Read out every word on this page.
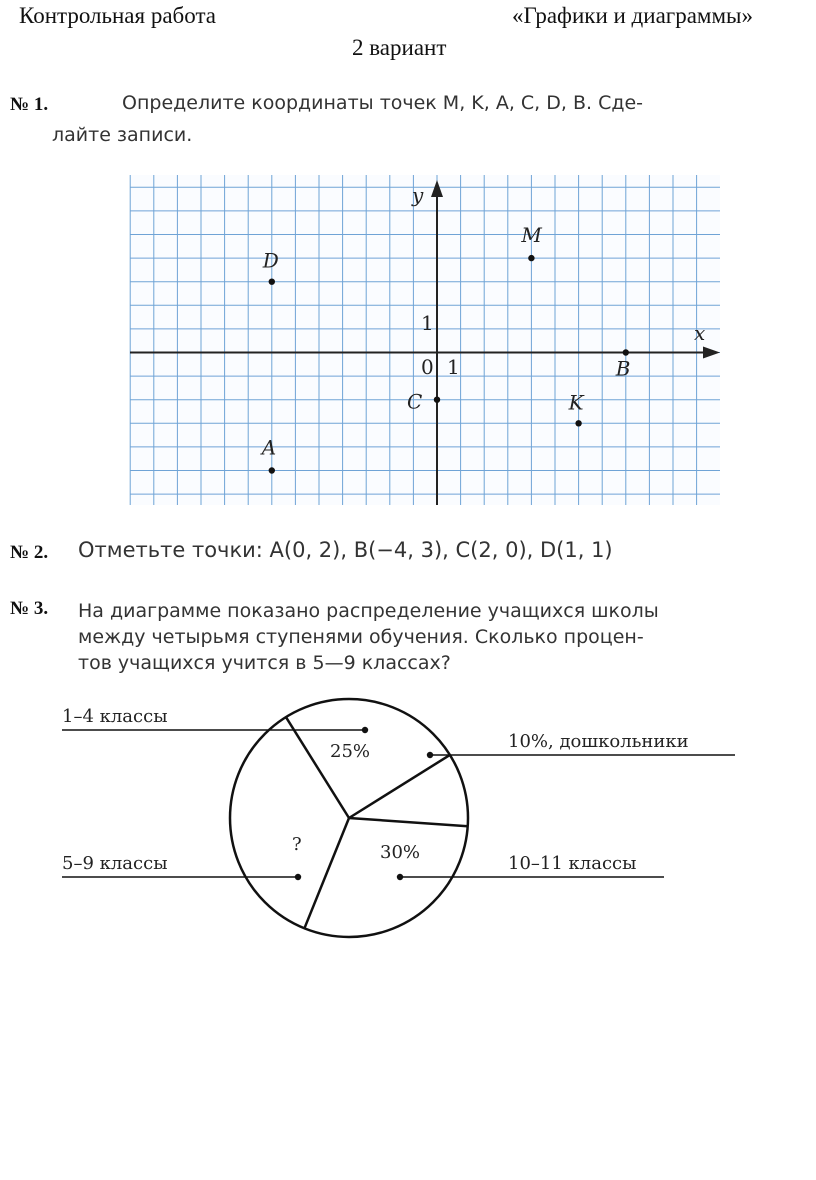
Контрольная работа	«Графики и диаграммы»
2 вариант
№ 1.	Определите координаты точек M, K, A, C, D, B. Сде-
лайте записи.
x
y
0 1
1
M
K
A
C
D
B
№ 2. Отметьте точки: A(0, 2), B(−4, 3), C(2, 0), D(1, 1)
№ 3. На диаграмме показано распределение учащихся школы
между четырьмя ступенями обучения. Сколько процен-
тов учащихся учится в 5—9 классах?
1–4 классы
25%	10%, дошкольники
10–11 классы
30%
5–9 классы
?
